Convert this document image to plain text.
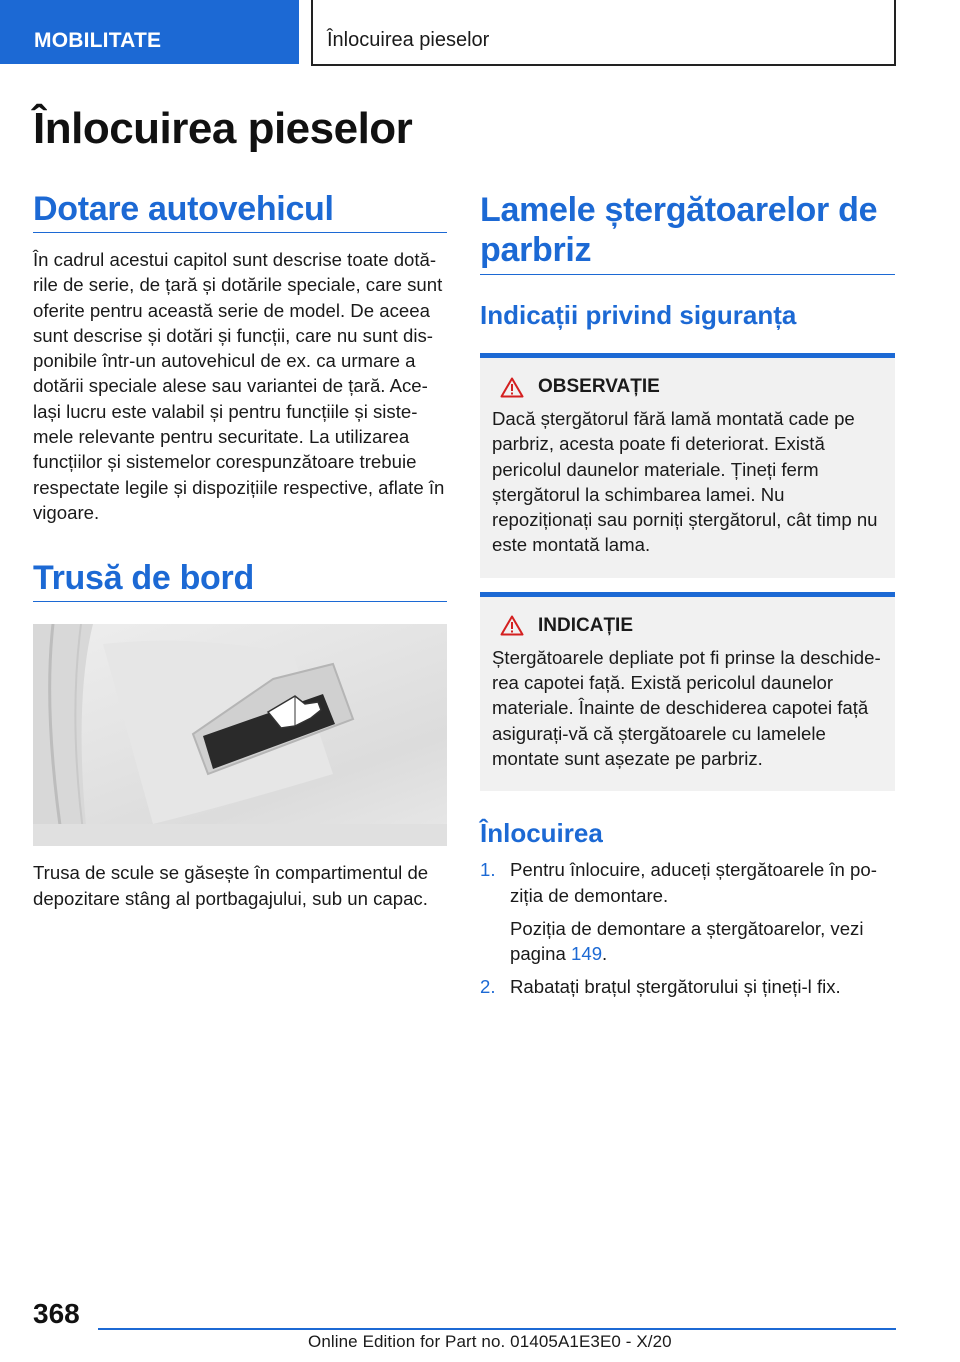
MOBILITATE	Înlocuirea pieselor
Înlocuirea pieselor
Dotare autovehicul

În cadrul acestui capitol sunt descrise toate dotările de serie, de țară și dotările speciale, care sunt oferite pentru această serie de model. De aceea sunt descrise și dotări și funcții, care nu sunt disponibile într-un autovehicul de ex. ca urmare a dotării speciale alese sau variantei de țară. Același lucru este valabil și pentru funcțiile și sistemele relevante pentru securitate. La utilizarea funcțiilor și sistemelor corespunzătoare trebuie respectate legile și dispozițiile respective, aflate în vigoare.

Trusă de bord

Trusa de scule se găsește în compartimentul de depozitare stâng al portbagajului, sub un capac.

Lamele ștergătoarelor de parbriz
Indicații privind siguranța
OBSERVAȚIE

Dacă ștergătorul fără lamă montată cade pe parbriz, acesta poate fi deteriorat. Există pericolul daunelor materiale. Țineți ferm ștergătorul la schimbarea lamei. Nu repoziționați sau porniți ștergătorul, cât timp nu este montată lama.

INDICAȚIE

Ștergătoarele depliate pot fi prinse la deschiderea capotei față. Există pericolul daunelor materiale. Înainte de deschiderea capotei față asigurați-vă că ștergătoarele cu lamelele montate sunt așezate pe parbriz.

Înlocuirea
1. Pentru înlocuire, aduceți ștergătoarele în poziția de demontare.
Poziția de demontare a ștergătoarelor, vezi pagina 149.
2. Rabatați brațul ștergătorului și țineți-l fix.
368
Online Edition for Part no. 01405A1E3E0 - X/20
